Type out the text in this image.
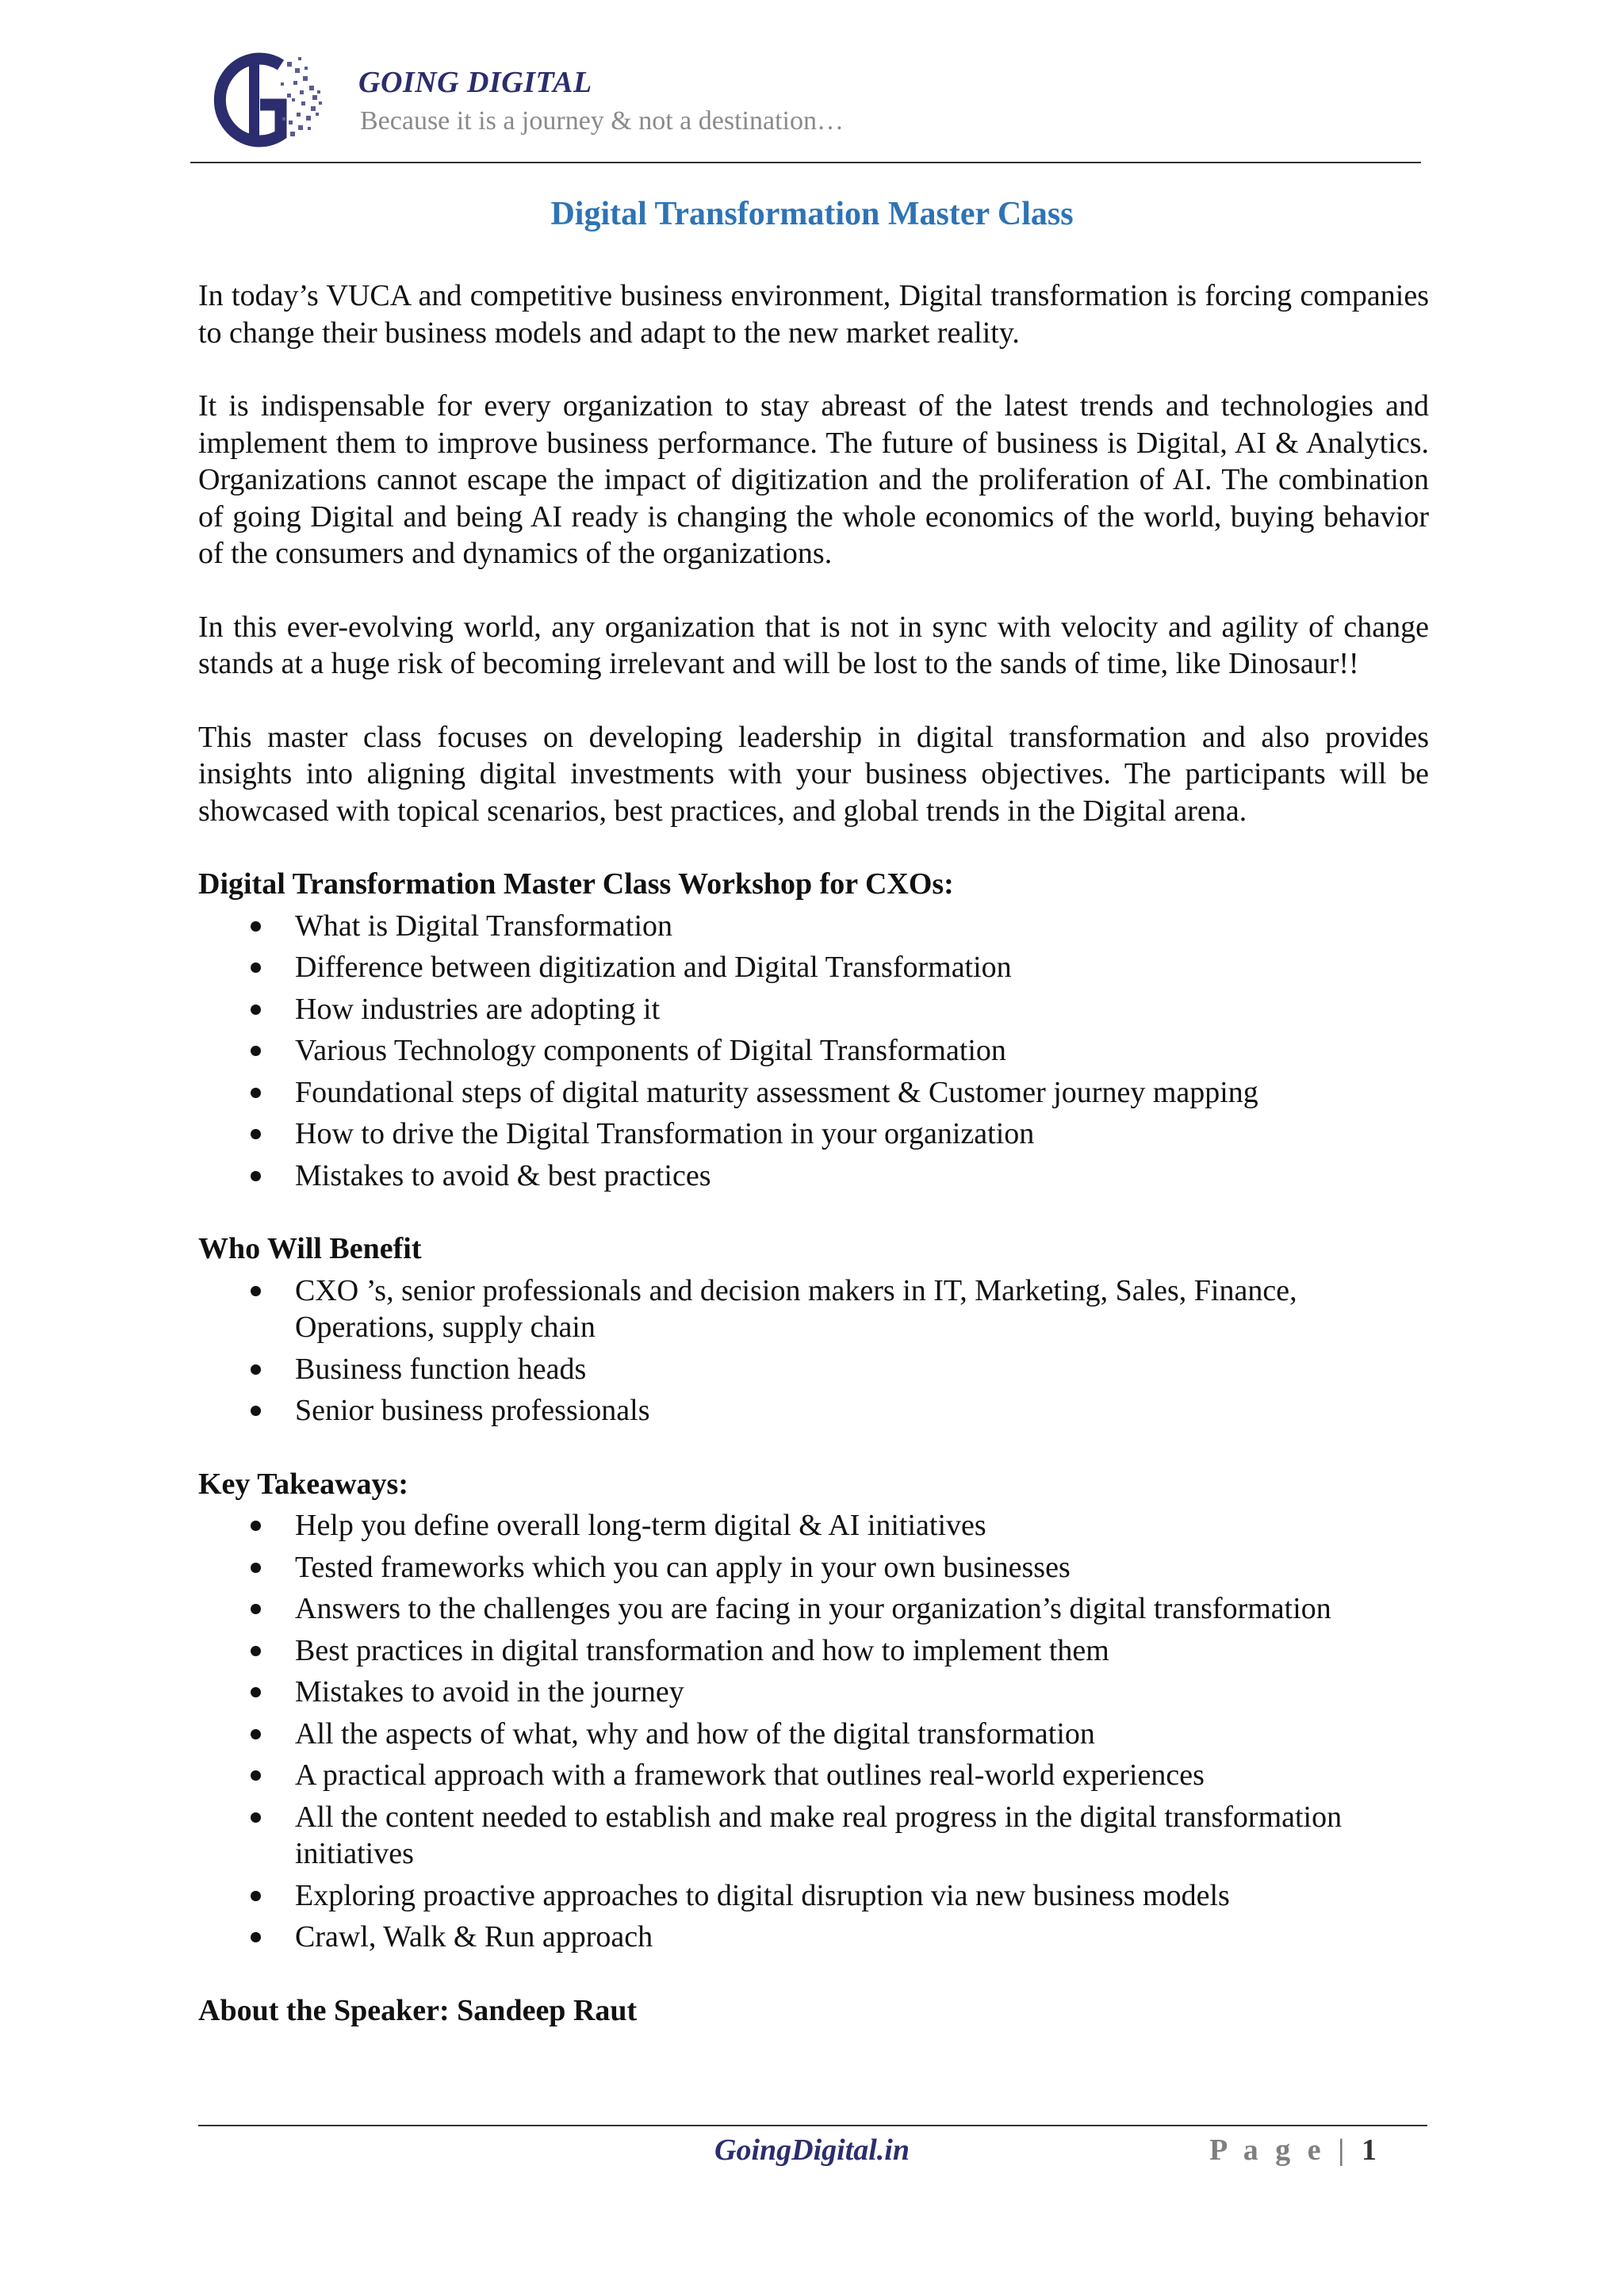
GOING DIGITAL

Because it is a journey & not a destination…

Digital Transformation Master Class

In today’s VUCA and competitive business environment, Digital transformation is forcing companies to change their business models and adapt to the new market reality.

It is indispensable for every organization to stay abreast of the latest trends and technologies and implement them to improve business performance. The future of business is Digital, AI & Analytics. Organizations cannot escape the impact of digitization and the proliferation of AI. The combination of going Digital and being AI ready is changing the whole economics of the world, buying behavior of the consumers and dynamics of the organizations.

In this ever-evolving world, any organization that is not in sync with velocity and agility of change stands at a huge risk of becoming irrelevant and will be lost to the sands of time, like Dinosaur!!

This master class focuses on developing leadership in digital transformation and also provides insights into aligning digital investments with your business objectives. The participants will be showcased with topical scenarios, best practices, and global trends in the Digital arena.

Digital Transformation Master Class Workshop for CXOs:

What is Digital Transformation
Difference between digitization and Digital Transformation
How industries are adopting it
Various Technology components of Digital Transformation
Foundational steps of digital maturity assessment & Customer journey mapping
How to drive the Digital Transformation in your organization
Mistakes to avoid & best practices

Who Will Benefit

CXO ’s, senior professionals and decision makers in IT, Marketing, Sales, Finance, Operations, supply chain
Business function heads
Senior business professionals

Key Takeaways:

Help you define overall long-term digital & AI initiatives
Tested frameworks which you can apply in your own businesses
Answers to the challenges you are facing in your organization’s digital transformation
Best practices in digital transformation and how to implement them
Mistakes to avoid in the journey
All the aspects of what, why and how of the digital transformation
A practical approach with a framework that outlines real-world experiences
All the content needed to establish and make real progress in the digital transformation initiatives
Exploring proactive approaches to digital disruption via new business models
Crawl, Walk & Run approach

About the Speaker: Sandeep Raut

GoingDigital.in	P a g e | 1
